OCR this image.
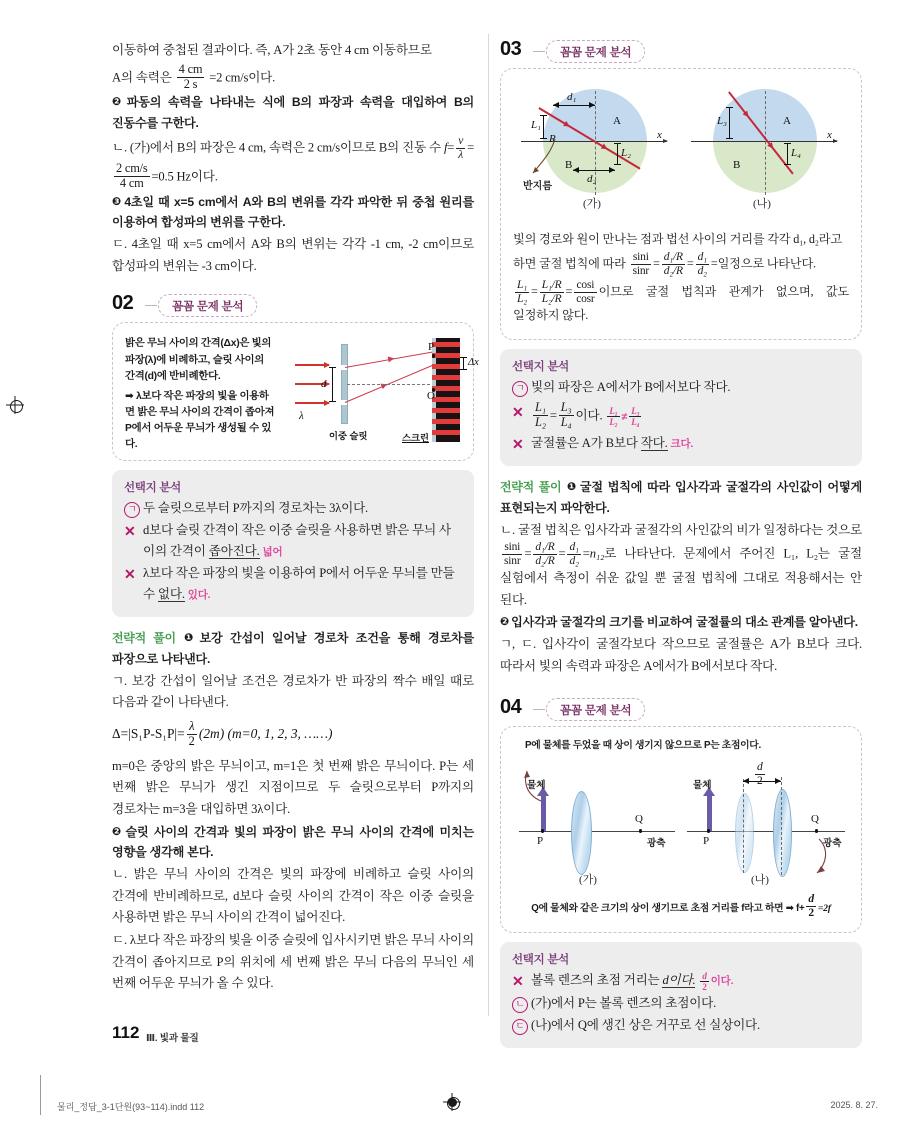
이동하여 중첩된 결과이다. 즉, A가 2초 동안 4 cm 이동하므로

A의 속력은 $\frac{4 cm}{2 s} =2$ cm/s이다.

❷ 파동의 속력을 나타내는 식에 B의 파장과 속력을 대입하여 B의 진동수를 구한다.

ㄴ. (가)에서 B의 파장은 4 cm, 속력은 2 cm/s이므로 B의 진동 수 $f= \frac{v}{\lambda}$ =
$\frac{2 cm/s}{4 cm} =0.5$ Hz이다.

❸ 4초일 때 x=5 cm에서 A와 B의 변위를 각각 파악한 뒤 중첩 원리를 이용하여 합성파의 변위를 구한다.

ㄷ. 4초일 때 x=5 cm에서 A와 B의 변위는 각각 -1 cm, -2 cm이므로 합성파의 변위는 -3 cm이다.

02	꼼꼼 문제 분석
밝은 무늬 사이의 간격(Δx)은 빛의 파장(λ)에 비례하고, 슬릿 사이의 간격(d)에 반비례한다.
➡ λ보다 작은 파장의 빛을 이용하면 밝은 무늬 사이의 간격이 좁아져 P에서 어두운 무늬가 생성될 수 있다.
λ
d
P
O
Δx
이중 슬릿	스크린
선택지 분석
ㄱ 두 슬릿으로부터 P까지의 경로차는 3λ이다.
✕ d보다 슬릿 간격이 작은 이중 슬릿을 사용하면 밝은 무늬 사이의 간격이 좁아진다. 넓어
✕ λ보다 작은 파장의 빛을 이용하여 P에서 어두운 무늬를 만들 수 없다. 있다.

전략적 풀이 ❶ 보강 간섭이 일어날 경로차 조건을 통해 경로차를 파장으로 나타낸다.

ㄱ. 보강 간섭이 일어날 조건은 경로차가 반 파장의 짝수 배일 때로 다음과 같이 나타낸다.

$\Delta=|S_1P-S_1P|= \frac{\lambda}{2} (2m)$ (m=0, 1, 2, 3, ……)

m=0은 중앙의 밝은 무늬이고, m=1은 첫 번째 밝은 무늬이다. P는 세 번째 밝은 무늬가 생긴 지점이므로 두 슬릿으로부터 P까지의 경로차는 m=3을 대입하면 3λ이다.

❷ 슬릿 사이의 간격과 빛의 파장이 밝은 무늬 사이의 간격에 미치는 영향을 생각해 본다.

ㄴ. 밝은 무늬 사이의 간격은 빛의 파장에 비례하고 슬릿 사이의 간격에 반비례하므로, d보다 슬릿 사이의 간격이 작은 이중 슬릿을 사용하면 밝은 무늬 사이의 간격이 넓어진다.

ㄷ. λ보다 작은 파장의 빛을 이중 슬릿에 입사시키면 밝은 무늬 사이의 간격이 좁아지므로 P의 위치에 세 번째 밝은 무늬 다음의 무늬인 세 번째 어두운 무늬가 올 수 있다.

03	꼼꼼 문제 분석
x
A
B
d₁
d₂
L₁
L₂
R
반지름
(가)
x
A
B
L₃
L₄
(나)

빛의 경로와 원이 만나는 점과 법선 사이의 거리를 각각 d₁, d₂라고

하면 굴절 법칙에 따라 $\frac{\sin i}{\sin r} = \frac{\text{d₁/R}}{\text{d₂/R}} = \frac{\text{d₁}}{\text{d₂}}$ =일정으로 나타난다.

$\frac{\text{L₁}}{\text{L₂}} = \frac{\text{L₁/R}}{\text{L₂/R}} = \frac{\cos i}{\cos r}$ 이므로 굴절 법칙과 관계가 없으며, 값도 일정하지 않다.

선택지 분석
ㄱ 빛의 파장은 A에서가 B에서보다 작다.
✕ $\frac{\text{L₁}}{\text{L₂}} = \frac{\text{L₃}}{\text{L₄}}$ 이다. $\frac{\text{L₁}}{\text{L₂}} \ne \frac{\text{L₃}}{\text{L₄}}$
✕ 굴절률은 A가 B보다 작다. 크다.

전략적 풀이 ❶ 굴절 법칙에 따라 입사각과 굴절각의 사인값이 어떻게 표현되는지 파악한다.

ㄴ. 굴절 법칙은 입사각과 굴절각의 사인값의 비가 일정하다는 것으로
$\frac{\sin i}{\sin r} = \frac{\text{d₁/R}}{\text{d₂/R}} = \frac{\text{d₁}}{\text{d₂}} =n_{12}$로 나타난다. 문제에서 주어진 L₁, L₂는 굴절 실험에서 측정이 쉬운 값일 뿐 굴절 법칙에 그대로 적용해서는 안 된다.

❷ 입사각과 굴절각의 크기를 비교하여 굴절률의 대소 관계를 알아낸다.

ㄱ, ㄷ. 입사각이 굴절각보다 작으므로 굴절률은 A가 B보다 크다. 따라서 빛의 속력과 파장은 A에서가 B에서보다 작다.

04	꼼꼼 문제 분석
P에 물체를 두었을 때 상이 생기지 않으므로 P는 초점이다.
물체
P
Q
광축
(가)
물체
P
$\frac{d}{2}$
Q
광축
(나)
Q에 물체와 같은 크기의 상이 생기므로 초점 거리를 f라고 하면 ➡ $f+ \frac{d}{2} =2f$
선택지 분석
✕ 볼록 렌즈의 초점 거리는 d이다. $\frac{d}{2}$ 이다.
ㄴ (가)에서 P는 볼록 렌즈의 초점이다.
ㄷ (나)에서 Q에 생긴 상은 거꾸로 선 실상이다.
112 Ⅲ. 빛과 물질
물리_정답_3-1단원(93~114).indd 112	2025. 8. 27.
